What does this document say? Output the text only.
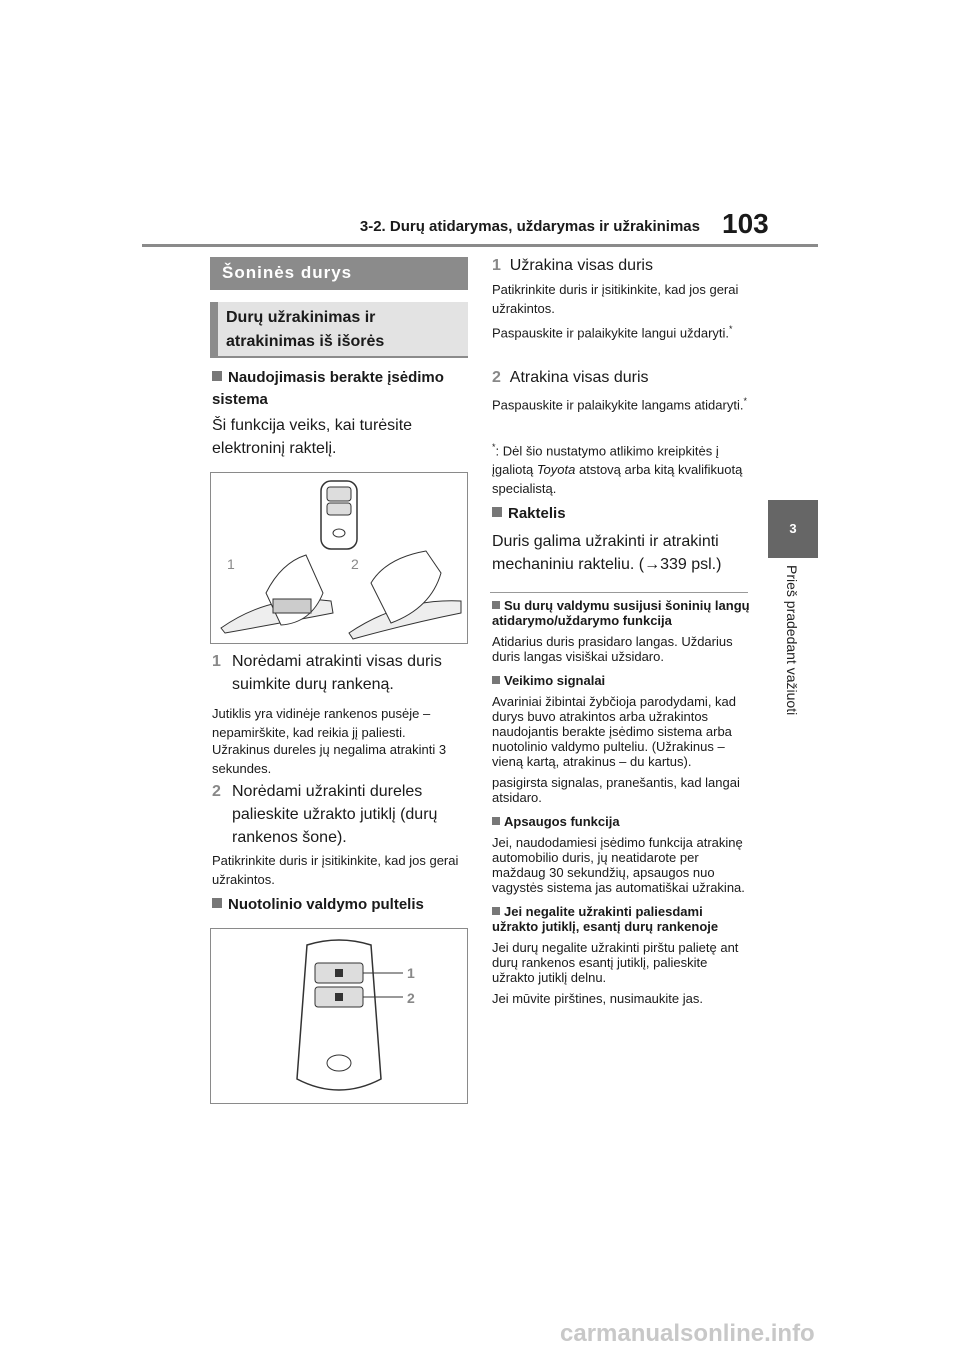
3-2. Durų atidarymas, uždarymas ir užrakinimas 103
3
Prieš pradedant važiuoti
Šoninės durys
Durų užrakinimas ir atrakinimas iš išorės
Naudojimasis berakte įsėdimo sistema
Ši funkcija veiks, kai turėsite elektroninį raktelį.
1	2
1 Norėdami atrakinti visas duris suimkite durų rankeną.
Jutiklis yra vidinėje rankenos pusėje – nepamirškite, kad reikia jį paliesti.
Užrakinus dureles jų negalima atrakinti 3 sekundes.
2 Norėdami užrakinti dureles palieskite užrakto jutiklį (durų rankenos šone).
Patikrinkite duris ir įsitikinkite, kad jos gerai užrakintos.
Nuotolinio valdymo pultelis
1
2
1 Užrakina visas duris
Patikrinkite duris ir įsitikinkite, kad jos gerai užrakintos.
Paspauskite ir palaikykite langui uždaryti.*
2 Atrakina visas duris
Paspauskite ir palaikykite langams atidaryti.*
*: Dėl šio nustatymo atlikimo kreipkitės į įgaliotą Toyota atstovą arba kitą kvalifikuotą specialistą.
Raktelis
Duris galima užrakinti ir atrakinti mechaniniu rakteliu. (→339 psl.)
Su durų valdymu susijusi šoninių langų atidarymo/uždarymo funkcija
Atidarius duris prasidaro langas. Uždarius duris langas visiškai užsidaro.
Veikimo signalai
Avariniai žibintai žybčioja parodydami, kad durys buvo atrakintos arba užrakintos naudojantis berakte įsėdimo sistema arba nuotolinio valdymo pulteliu. (Užrakinus – vieną kartą, atrakinus – du kartus).
pasigirsta signalas, pranešantis, kad langai atsidaro.
Apsaugos funkcija
Jei, naudodamiesi įsėdimo funkcija atrakinę automobilio duris, jų neatidarote per maždaug 30 sekundžių, apsaugos nuo vagystės sistema jas automatiškai užrakina.
Jei negalite užrakinti paliesdami užrakto jutiklį, esantį durų rankenoje
Jei durų negalite užrakinti pirštu palietę ant durų rankenos esantį jutiklį, palieskite užrakto jutiklį delnu.
Jei mūvite pirštines, nusimaukite jas.
carmanualsonline.info
